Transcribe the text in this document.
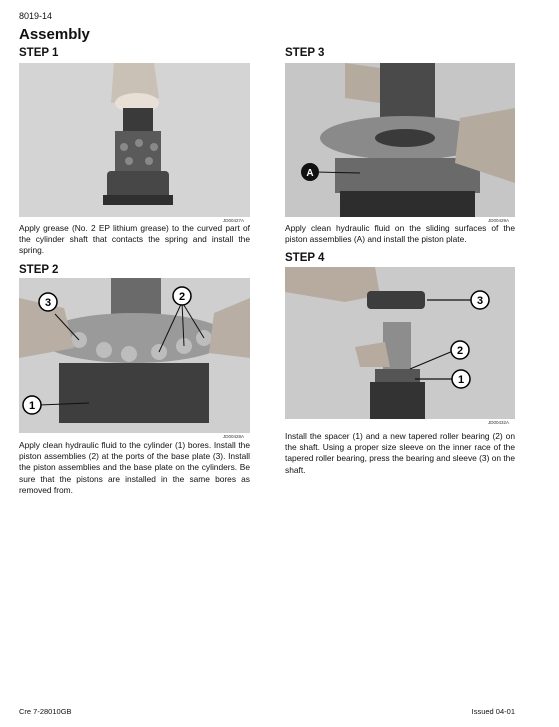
8019-14
Assembly
STEP 1
JD00427A
Apply grease (No. 2 EP lithium grease) to the curved part of the cylinder shaft that contacts the spring and install the spring.
STEP 2
3	2
1
JD00428A
Apply clean hydraulic fluid to the cylinder (1) bores. Install the piston assemblies (2) at the ports of the base plate (3). Install the piston assemblies and the base plate on the cylinders. Be sure that the pistons are installed in the same bores as removed from.
STEP 3
A
JD00429A
Apply clean hydraulic fluid on the sliding surfaces of the piston assemblies (A) and install the piston plate.
STEP 4
3
2
1
JD00432A
Install the spacer (1) and a new tapered roller bearing (2) on the shaft. Using a proper size sleeve on the inner race of the tapered roller bearing, press the bearing and sleeve (3) on the shaft.
Cre 7-28010GB	Issued 04-01
